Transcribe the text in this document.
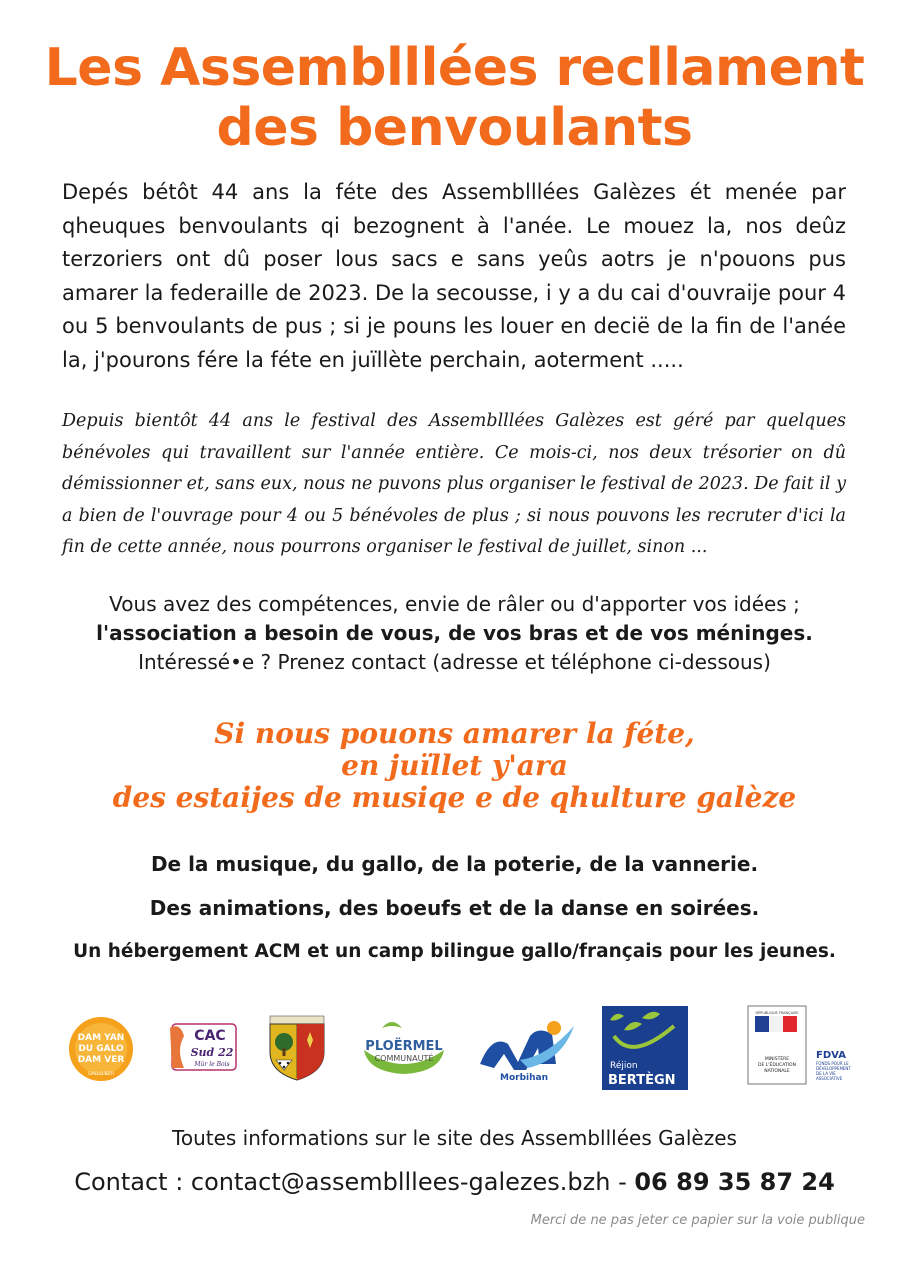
Les Assemblllées recllament
des benvoulants

Depés bétôt 44 ans la féte des Assemblllées Galèzes ét menée par qheuques benvoulants qi bezognent à l'anée. Le mouez la, nos deûz terzoriers ont dû poser lous sacs e sans yeûs aotrs je n'pouons pus amarer la federaille de 2023. De la secousse, i y a du cai d'ouvraije pour 4 ou 5 benvoulants de pus ; si je pouns les louer en decië de la fin de l'anée la, j'pourons fére la féte en juïllète perchain, aoterment .....

Depuis bientôt 44 ans le festival des Assemblllées Galèzes est géré par quelques bénévoles qui travaillent sur l'année entière. Ce mois-ci, nos deux trésorier on dû démissionner et, sans eux, nous ne puvons plus organiser le festival de 2023. De fait il y a bien de l'ouvrage pour 4 ou 5 bénévoles de plus ; si nous pouvons les recruter d'ici la fin de cette année, nous pourrons organiser le festival de juillet, sinon ...

Vous avez des compétences, envie de râler ou d'apporter vos idées ;
l'association a besoin de vous, de vos bras et de vos méninges.
Intéressé•e ? Prenez contact (adresse et téléphone ci-dessous)
Si nous pouons amarer la féte,
en juïllet y'ara
des estaijes de musiqe e de qhulture galèze
De la musique, du gallo, de la poterie, de la vannerie.
Des animations, des boeufs et de la danse en soirées.
Un hébergement ACM et un camp bilingue gallo/français pour les jeunes.
DAM YAN
DU GALO
DAM VER
GALLO.BZH
CAC
Sud 22
Mûr le Bois
PLOËRMEL
COMMUNAUTÉ
Morbihan
Réjion
BERTÈGN
RÉPUBLIQUE FRANÇAISE
MINISTÈRE
DE L'ÉDUCATION
NATIONALE
FDVA
FONDS POUR LE
DÉVELOPPEMENT
DE LA VIE
ASSOCIATIVE
Toutes informations sur le site des Assemblllées Galèzes
Contact : contact@assemblllees-galezes.bzh - 06 89 35 87 24
Merci de ne pas jeter ce papier sur la voie publique
